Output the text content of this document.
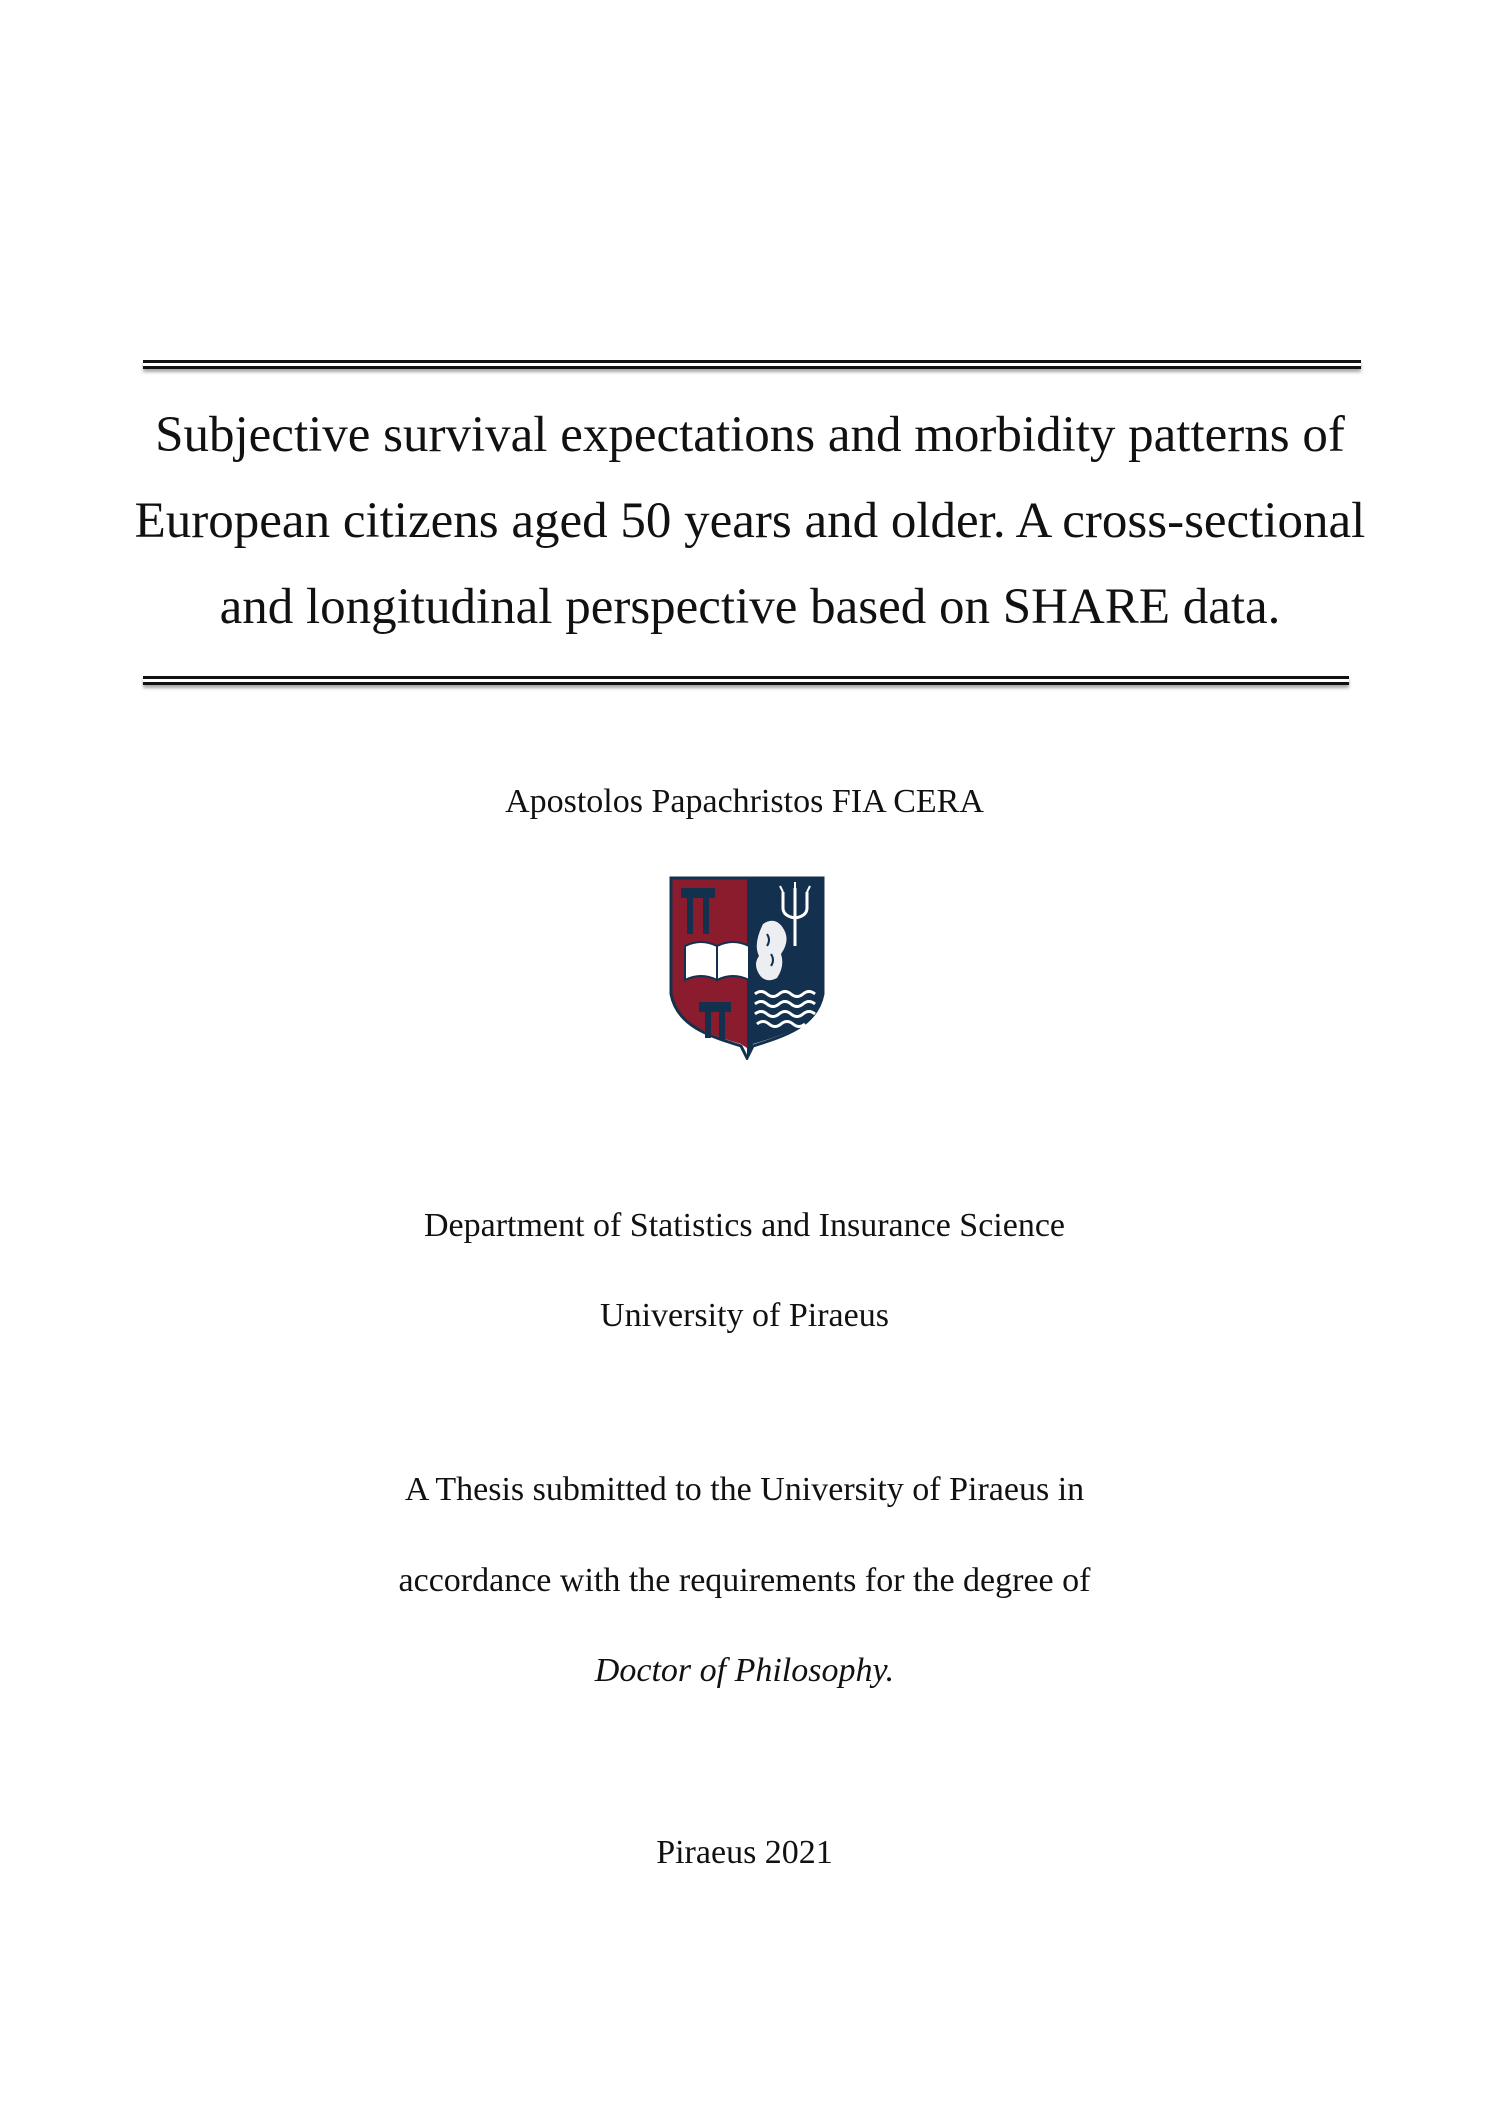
Subjective survival expectations and morbidity patterns of
European citizens aged 50 years and older. A cross-sectional
and longitudinal perspective based on SHARE data.

Apostolos Papachristos FIA CERA

Department of Statistics and Insurance Science

University of Piraeus

A Thesis submitted to the University of Piraeus in

accordance with the requirements for the degree of

Doctor of Philosophy.

Piraeus 2021
